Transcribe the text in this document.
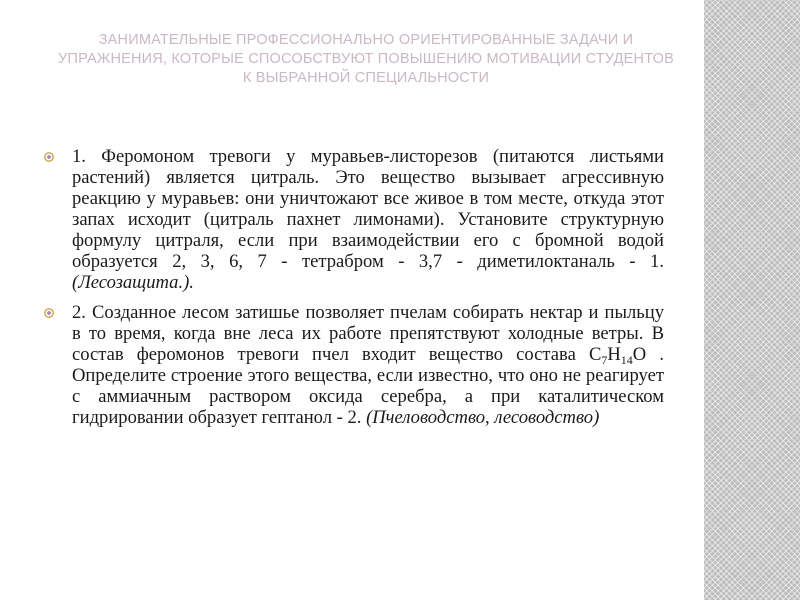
ЗАНИМАТЕЛЬНЫЕ ПРОФЕССИОНАЛЬНО ОРИЕНТИРОВАННЫЕ ЗАДАЧИ И УПРАЖНЕНИЯ, КОТОРЫЕ СПОСОБСТВУЮТ ПОВЫШЕНИЮ МОТИВАЦИИ СТУДЕНТОВ К ВЫБРАННОЙ СПЕЦИАЛЬНОСТИ
1. Феромоном тревоги у муравьев-листорезов (питаются листьями растений) является цитраль. Это вещество вызывает агрессивную реакцию у муравьев: они уничтожают все живое в том месте, откуда этот запах исходит (цитраль пахнет лимонами). Установите структурную формулу цитраля, если при взаимодействии его с бромной водой образуется 2, 3, 6, 7 - тетрабром - 3,7 - диметилоктаналь - 1. (Лесозащита.).
2. Созданное лесом затишье позволяет пчелам собирать нектар и пыльцу в то время, когда вне леса их работе препятствуют холодные ветры. В состав феромонов тревоги пчел входит вещество состава $C_7H_{14}O$ . Определите строение этого вещества, если известно, что оно не реагирует с аммиачным раствором оксида серебра, а при каталитическом гидрировании образует гептанол - 2. (Пчеловодство, лесоводство)
